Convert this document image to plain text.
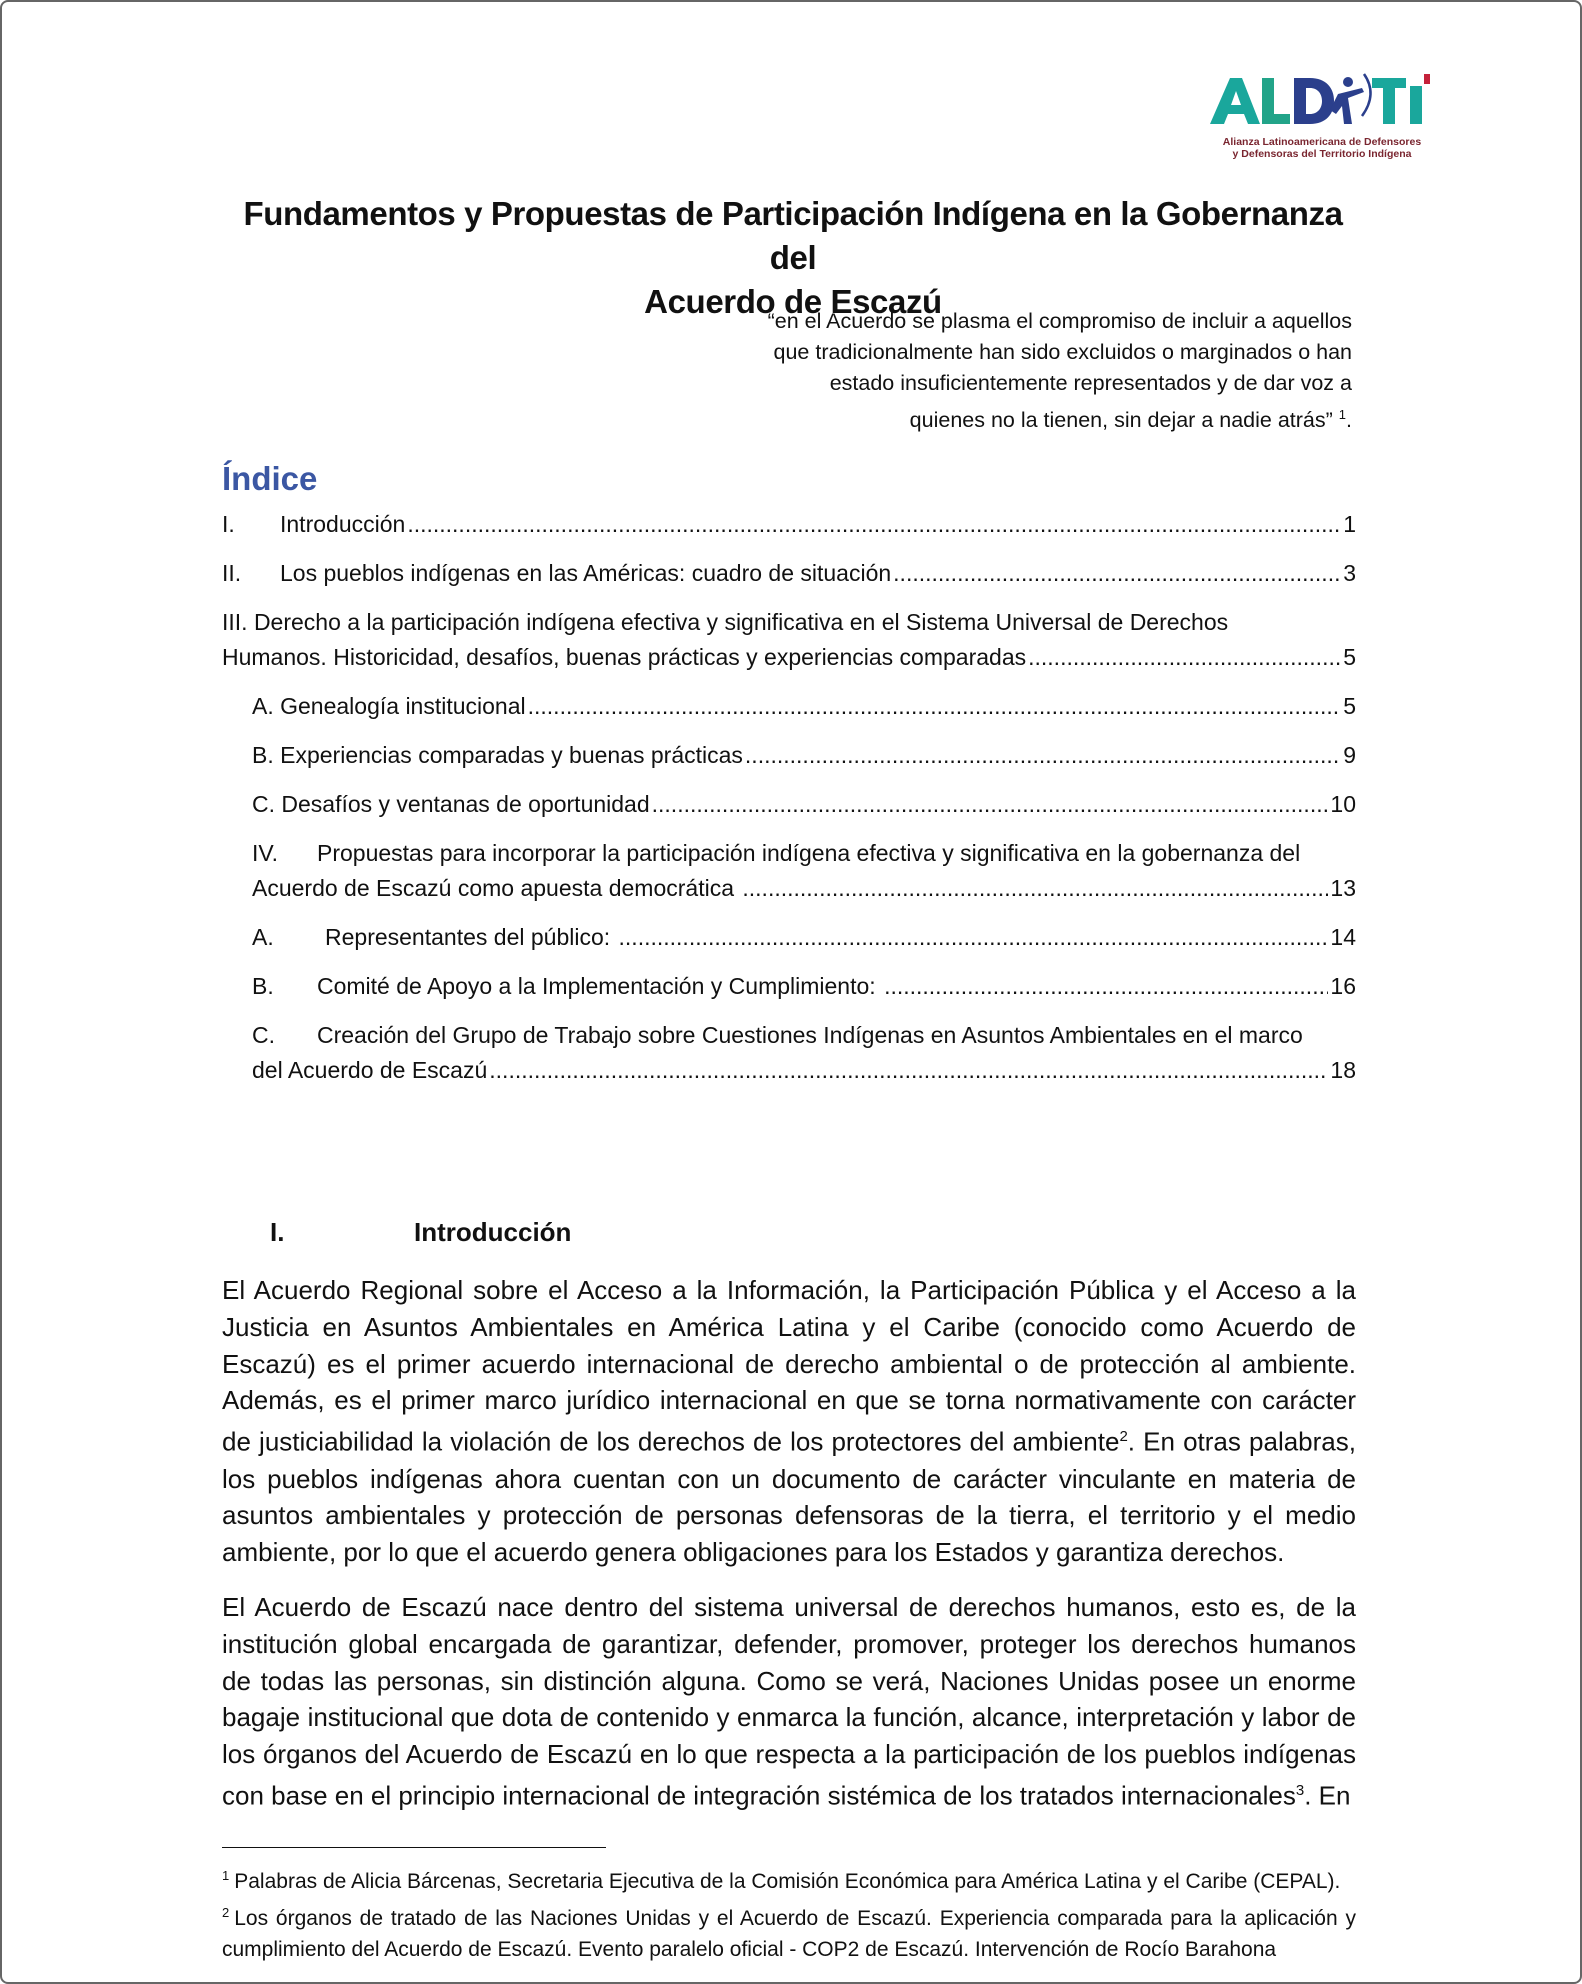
Alianza Latinoamericana de Defensores
y Defensoras del Territorio Indígena
Fundamentos y Propuestas de Participación Indígena en la Gobernanza del
Acuerdo de Escazú
“en el Acuerdo se plasma el compromiso de incluir a aquellos
que tradicionalmente han sido excluidos o marginados o han
estado insuficientemente representados y de dar voz a
quienes no la tienen, sin dejar a nadie atrás” $^1$.
Índice
I. Introducción .....	1
II. Los pueblos indígenas en las Américas: cuadro de situación .....	3
III. Derecho a la participación indígena efectiva y significativa en el Sistema Universal de Derechos
Humanos. Historicidad, desafíos, buenas prácticas y experiencias comparadas .....	5
A. Genealogía institucional .....	5
B. Experiencias comparadas y buenas prácticas .....	9
C. Desafíos y ventanas de oportunidad .....	10
IV. Propuestas para incorporar la participación indígena efectiva y significativa en la gobernanza del
Acuerdo de Escazú como apuesta democrática .....	13
A. Representantes del público: .....	14
B. Comité de Apoyo a la Implementación y Cumplimiento: .....	16
C. Creación del Grupo de Trabajo sobre Cuestiones Indígenas en Asuntos Ambientales en el marco
del Acuerdo de Escazú .....	18
I.	Introducción

El Acuerdo Regional sobre el Acceso a la Información, la Participación Pública y el Acceso a la Justicia en Asuntos Ambientales en América Latina y el Caribe (conocido como Acuerdo de Escazú) es el primer acuerdo internacional de derecho ambiental o de protección al ambiente. Además, es el primer marco jurídico internacional en que se torna normativamente con carácter de justiciabilidad la violación de los derechos de los protectores del ambiente$^2$. En otras palabras, los pueblos indígenas ahora cuentan con un documento de carácter vinculante en materia de asuntos ambientales y protección de personas defensoras de la tierra, el territorio y el medio ambiente, por lo que el acuerdo genera obligaciones para los Estados y garantiza derechos.

El Acuerdo de Escazú nace dentro del sistema universal de derechos humanos, esto es, de la institución global encargada de garantizar, defender, promover, proteger los derechos humanos de todas las personas, sin distinción alguna. Como se verá, Naciones Unidas posee un enorme bagaje institucional que dota de contenido y enmarca la función, alcance, interpretación y labor de los órganos del Acuerdo de Escazú en lo que respecta a la participación de los pueblos indígenas con base en el principio internacional de integración sistémica de los tratados internacionales$^3$. En

$^1$ Palabras de Alicia Bárcenas, Secretaria Ejecutiva de la Comisión Económica para América Latina y el Caribe (CEPAL).

$^2$ Los órganos de tratado de las Naciones Unidas y el Acuerdo de Escazú. Experiencia comparada para la aplicación y cumplimiento del Acuerdo de Escazú. Evento paralelo oficial - COP2 de Escazú. Intervención de Rocío Barahona
